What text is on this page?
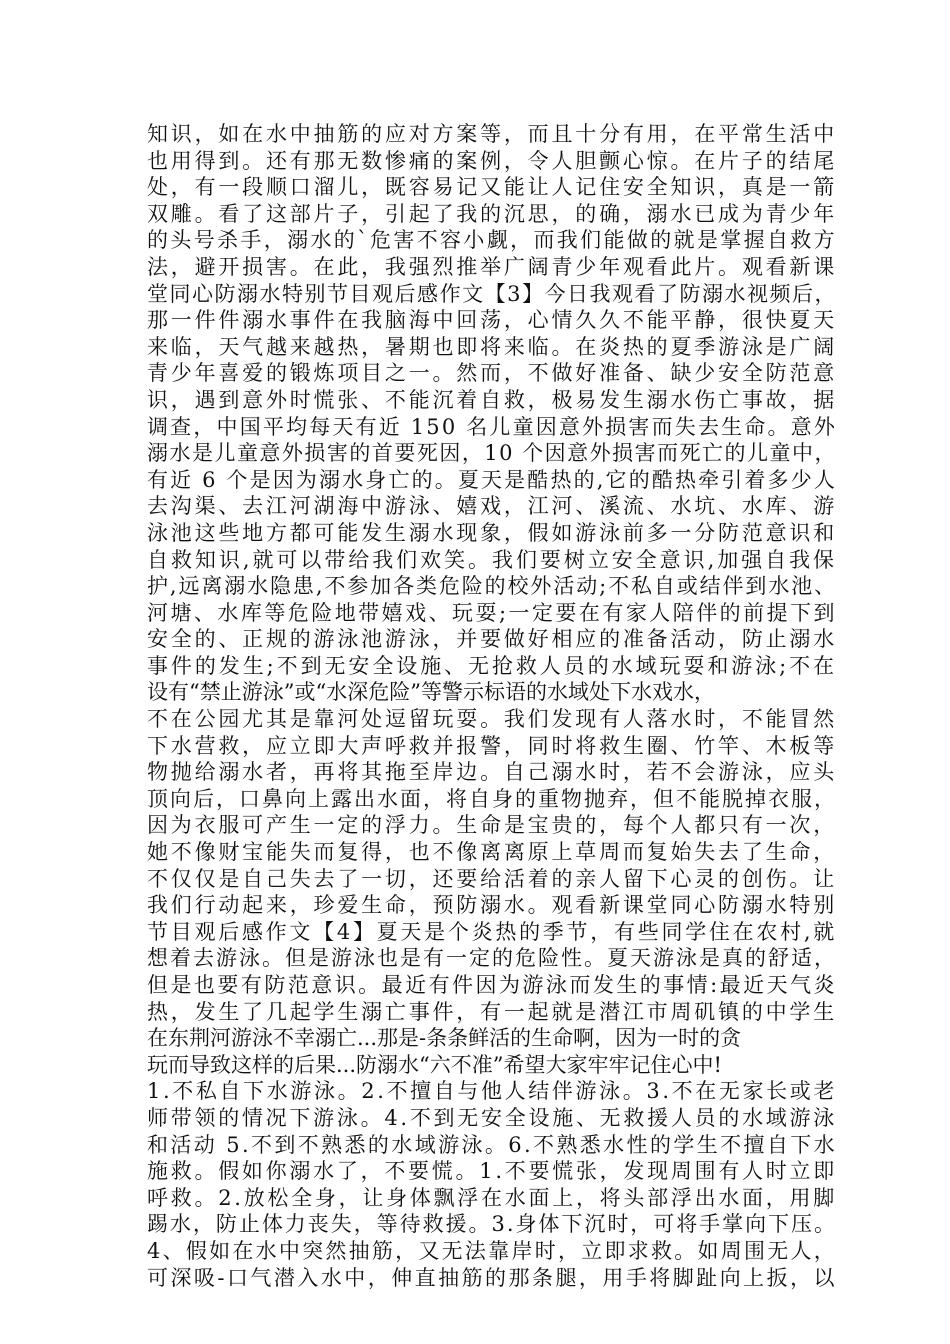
知识，如在水中抽筋的应对方案等，而且十分有用，在平常生活中
也用得到。还有那无数惨痛的案例，令人胆颤心惊。在片子的结尾
处，有一段顺口溜儿，既容易记又能让人记住安全知识，真是一箭
双雕。看了这部片子，引起了我的沉思，的确，溺水已成为青少年
的头号杀手，溺水的`危害不容小觑，而我们能做的就是掌握自救方
法，避开损害。在此，我强烈推举广阔青少年观看此片。观看新课
堂同心防溺水特别节目观后感作文【3】今日我观看了防溺水视频后，
那一件件溺水事件在我脑海中回荡，心情久久不能平静，很快夏天
来临，天气越来越热，暑期也即将来临。在炎热的夏季游泳是广阔
青少年喜爱的锻炼项目之一。然而，不做好准备、缺少安全防范意
识，遇到意外时慌张、不能沉着自救，极易发生溺水伤亡事故，据
调查，中国平均每天有近 150 名儿童因意外损害而失去生命。意外
溺水是儿童意外损害的首要死因，10 个因意外损害而死亡的儿童中，
有近 6 个是因为溺水身亡的。夏天是酷热的,它的酷热牵引着多少人
去沟渠、去江河湖海中游泳、嬉戏，江河、溪流、水坑、水库、游
泳池这些地方都可能发生溺水现象，假如游泳前多一分防范意识和
自救知识,就可以带给我们欢笑。我们要树立安全意识,加强自我保
护,远离溺水隐患,不参加各类危险的校外活动;不私自或结伴到水池、
河塘、水库等危险地带嬉戏、玩耍;一定要在有家人陪伴的前提下到
安全的、正规的游泳池游泳，并要做好相应的准备活动，防止溺水
事件的发生;不到无安全设施、无抢救人员的水域玩耍和游泳;不在
设有“禁止游泳”或“水深危险”等警示标语的水域处下水戏水，
不在公园尤其是靠河处逗留玩耍。我们发现有人落水时，不能冒然
下水营救，应立即大声呼救并报警，同时将救生圈、竹竿、木板等
物抛给溺水者，再将其拖至岸边。自己溺水时，若不会游泳，应头
顶向后，口鼻向上露出水面，将自身的重物抛弃，但不能脱掉衣服，
因为衣服可产生一定的浮力。生命是宝贵的，每个人都只有一次，
她不像财宝能失而复得，也不像离离原上草周而复始失去了生命，
不仅仅是自己失去了一切，还要给活着的亲人留下心灵的创伤。让
我们行动起来，珍爱生命，预防溺水。观看新课堂同心防溺水特别
节目观后感作文【4】夏天是个炎热的季节，有些同学住在农村,就
想着去游泳。但是游泳也是有一定的危险性。夏天游泳是真的舒适，
但是也要有防范意识。最近有件因为游泳而发生的事情:最近天气炎
热，发生了几起学生溺亡事件，有一起就是潜江市周矶镇的中学生
在东荆河游泳不幸溺亡...那是-条条鲜活的生命啊，因为一时的贪
玩而导致这样的后果...防溺水“六不准”希望大家牢牢记住心中!
1.不私自下水游泳。2.不擅自与他人结伴游泳。3.不在无家长或老
师带领的情况下游泳。4.不到无安全设施、无救援人员的水域游泳
和活动 5.不到不熟悉的水域游泳。6.不熟悉水性的学生不擅自下水
施救。假如你溺水了，不要慌。1.不要慌张，发现周围有人时立即
呼救。2.放松全身，让身体飘浮在水面上，将头部浮出水面，用脚
踢水，防止体力丧失，等待救援。3.身体下沉时，可将手掌向下压。
4、假如在水中突然抽筋，又无法靠岸时，立即求救。如周围无人，
可深吸-口气潜入水中，伸直抽筋的那条腿，用手将脚趾向上扳，以
